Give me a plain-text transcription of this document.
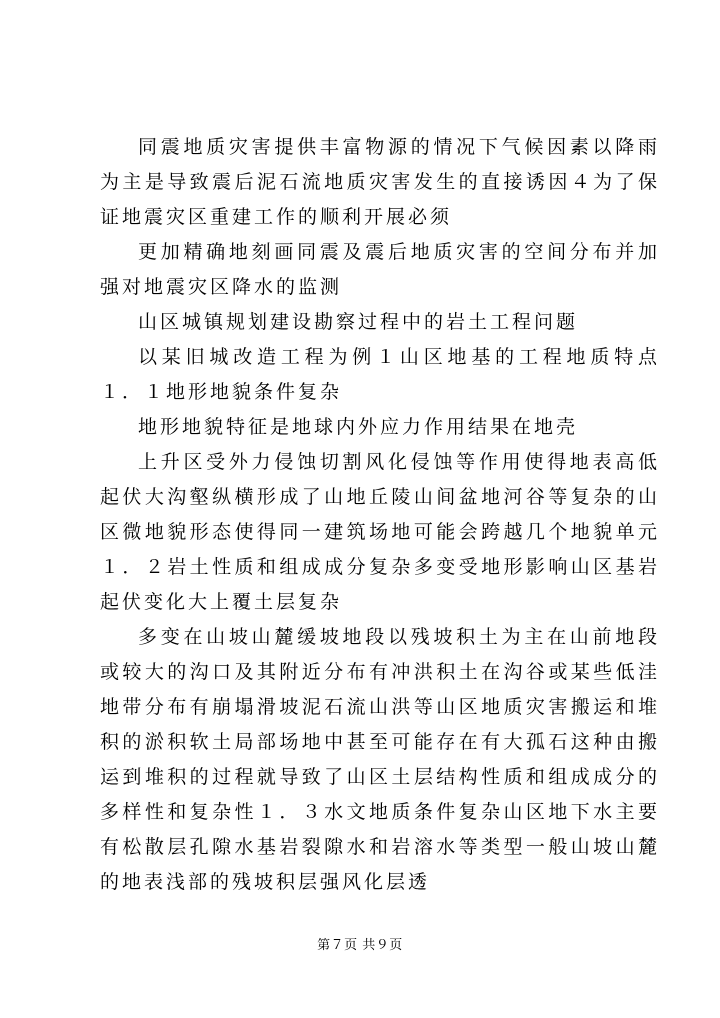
同震地质灾害提供丰富物源的情况下气候因素以降雨为主是导致震后泥石流地质灾害发生的直接诱因４为了保证地震灾区重建工作的顺利开展必须

更加精确地刻画同震及震后地质灾害的空间分布并加强对地震灾区降水的监测

山区城镇规划建设勘察过程中的岩土工程问题

以某旧城改造工程为例１山区地基的工程地质特点１．１地形地貌条件复杂

地形地貌特征是地球内外应力作用结果在地壳

上升区受外力侵蚀切割风化侵蚀等作用使得地表高低起伏大沟壑纵横形成了山地丘陵山间盆地河谷等复杂的山区微地貌形态使得同一建筑场地可能会跨越几个地貌单元１．２岩土性质和组成成分复杂多变受地形影响山区基岩起伏变化大上覆土层复杂

多变在山坡山麓缓坡地段以残坡积土为主在山前地段或较大的沟口及其附近分布有冲洪积土在沟谷或某些低洼地带分布有崩塌滑坡泥石流山洪等山区地质灾害搬运和堆积的淤积软土局部场地中甚至可能存在有大孤石这种由搬运到堆积的过程就导致了山区土层结构性质和组成成分的多样性和复杂性１．３水文地质条件复杂山区地下水主要有松散层孔隙水基岩裂隙水和岩溶水等类型一般山坡山麓的地表浅部的残坡积层强风化层透

第７页 共９页
